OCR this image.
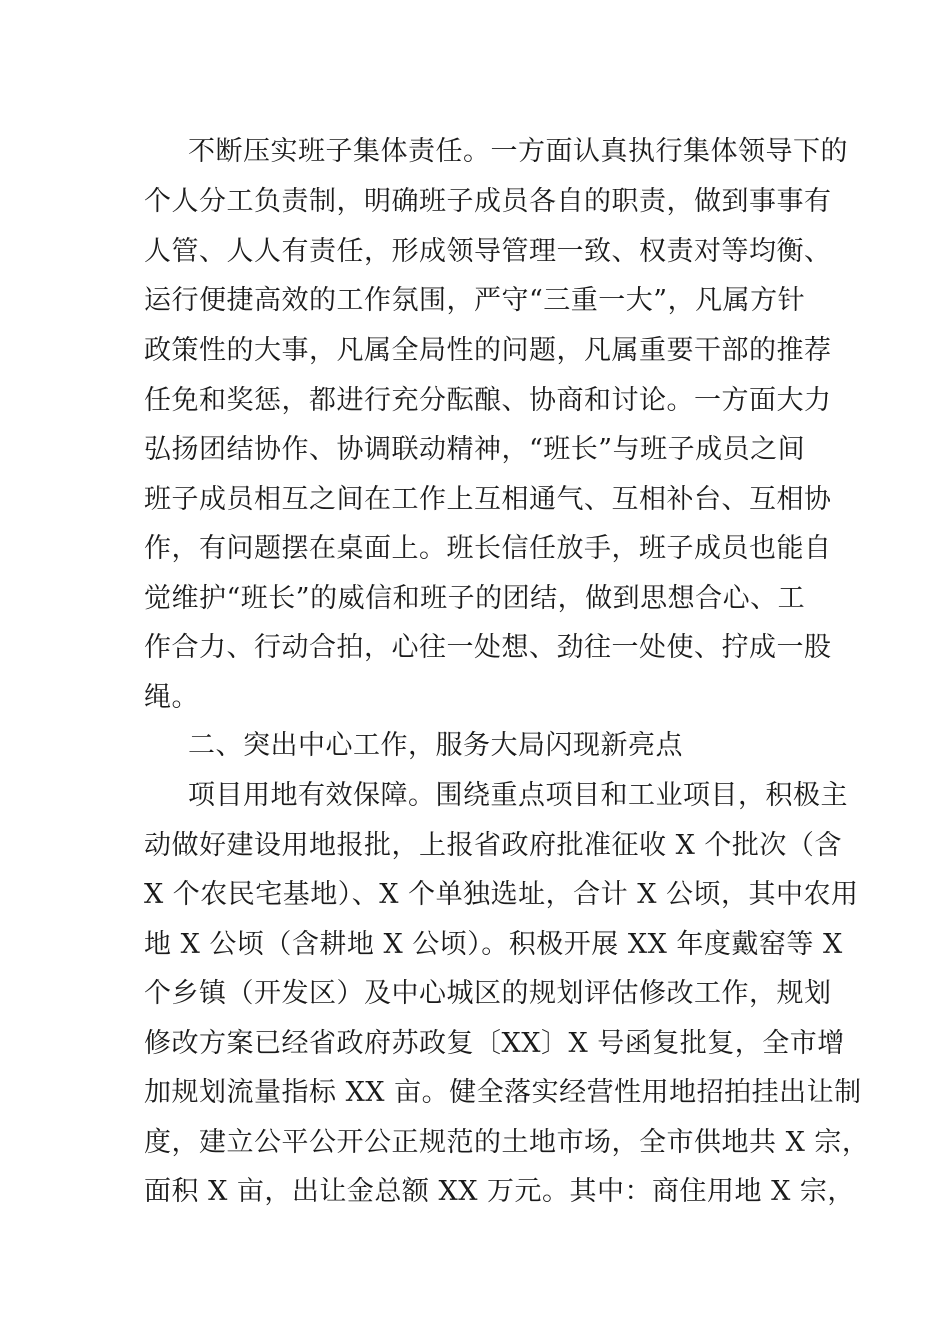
不断压实班子集体责任。一方面认真执行集体领导下的
个人分工负责制，明确班子成员各自的职责，做到事事有
人管、人人有责任，形成领导管理一致、权责对等均衡、
运行便捷高效的工作氛围，严守“三重一大”，凡属方针
政策性的大事，凡属全局性的问题，凡属重要干部的推荐
任免和奖惩，都进行充分酝酿、协商和讨论。一方面大力
弘扬团结协作、协调联动精神，“班长”与班子成员之间
班子成员相互之间在工作上互相通气、互相补台、互相协
作，有问题摆在桌面上。班长信任放手，班子成员也能自
觉维护“班长”的威信和班子的团结，做到思想合心、工
作合力、行动合拍，心往一处想、劲往一处使、拧成一股
绳。
二、突出中心工作，服务大局闪现新亮点
项目用地有效保障。围绕重点项目和工业项目，积极主
动做好建设用地报批，上报省政府批准征收 X 个批次（含
X 个农民宅基地）、X 个单独选址，合计 X 公顷，其中农用
地 X 公顷（含耕地 X 公顷）。积极开展 XX 年度戴窑等 X
个乡镇（开发区）及中心城区的规划评估修改工作，规划
修改方案已经省政府苏政复〔XX〕X 号函复批复，全市增
加规划流量指标 XX 亩。健全落实经营性用地招拍挂出让制
度，建立公平公开公正规范的土地市场，全市供地共 X 宗，
面积 X 亩，出让金总额 XX 万元。其中：商住用地 X 宗，
